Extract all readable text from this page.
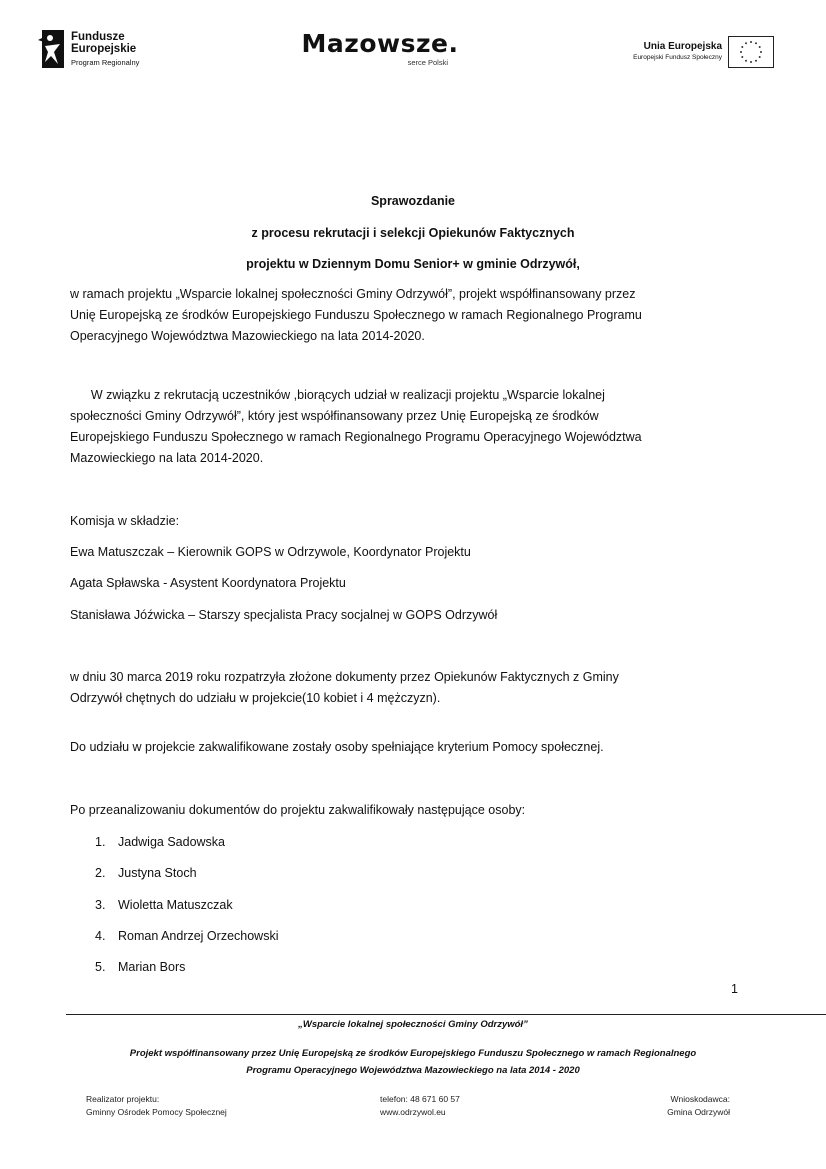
Fundusze
Europejskie
Program Regionalny
Mazowsze.
serce Polski
Unia Europejska
Europejski Fundusz Społeczny
Sprawozdanie
z procesu rekrutacji i selekcji Opiekunów Faktycznych
projektu w Dziennym Domu Senior+ w gminie Odrzywół,
w ramach projektu „Wsparcie lokalnej społeczności Gminy Odrzywół”, projekt współfinansowany przez
Unię Europejską ze środków Europejskiego Funduszu Społecznego w ramach Regionalnego Programu
Operacyjnego Województwa Mazowieckiego na lata 2014-2020.
W związku z rekrutacją uczestników ,biorących udział w realizacji projektu „Wsparcie lokalnej
społeczności Gminy Odrzywół”, który jest współfinansowany przez Unię Europejską ze środków
Europejskiego Funduszu Społecznego w ramach Regionalnego Programu Operacyjnego Województwa
Mazowieckiego na lata 2014-2020.
Komisja w składzie:
Ewa Matuszczak – Kierownik GOPS w Odrzywole, Koordynator Projektu
Agata Spławska - Asystent Koordynatora Projektu
Stanisława Jóźwicka – Starszy specjalista Pracy socjalnej w GOPS Odrzywół
w dniu 30 marca 2019 roku rozpatrzyła złożone dokumenty przez Opiekunów Faktycznych z Gminy
Odrzywół chętnych do udziału w projekcie(10 kobiet i 4 mężczyzn).
Do udziału w projekcie zakwalifikowane zostały osoby spełniające kryterium Pomocy społecznej.
Po przeanalizowaniu dokumentów do projektu zakwalifikowały następujące osoby:
1. Jadwiga Sadowska
2. Justyna Stoch
3. Wioletta Matuszczak
4. Roman Andrzej Orzechowski
5. Marian Bors
1
„Wsparcie lokalnej społeczności Gminy Odrzywół”
Projekt współfinansowany przez Unię Europejską ze środków Europejskiego Funduszu Społecznego w ramach Regionalnego
Programu Operacyjnego Województwa Mazowieckiego na lata 2014 - 2020
Realizator projektu:
Gminny Ośrodek Pomocy Społecznej
telefon: 48 671 60 57
www.odrzywol.eu
Wnioskodawca:
Gmina Odrzywół
